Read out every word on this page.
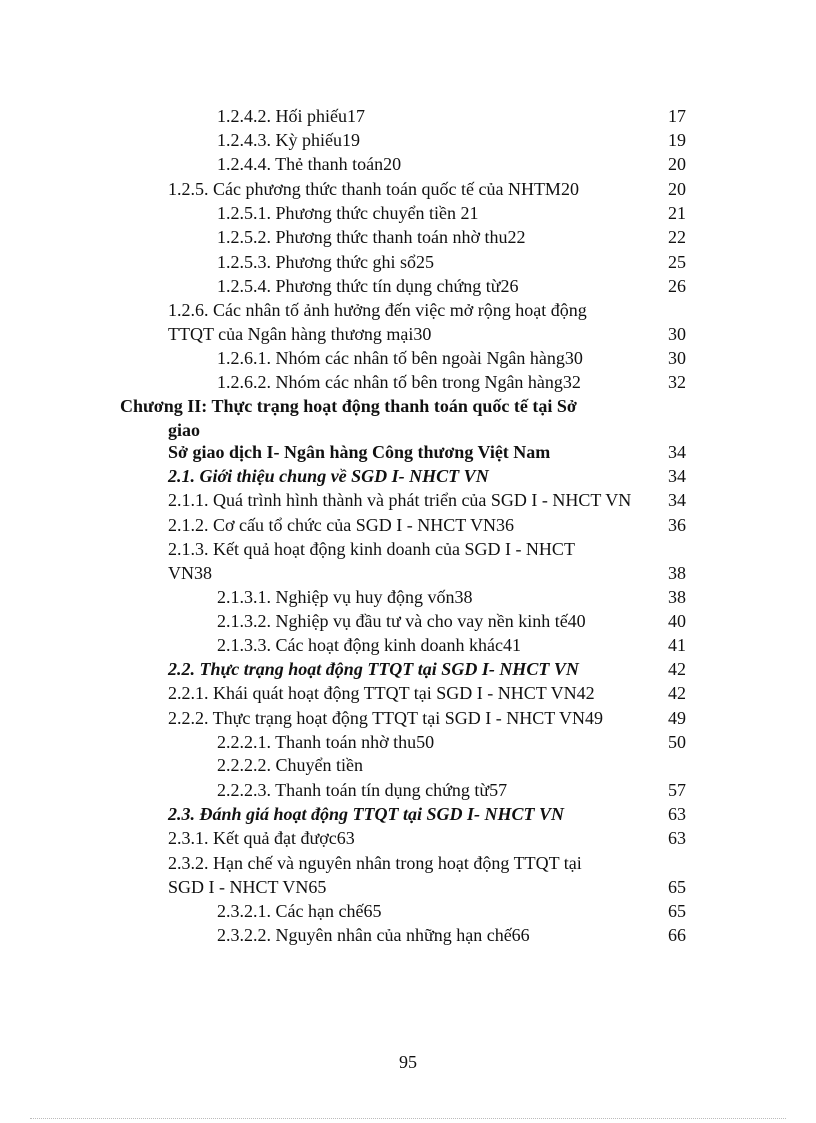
1.2.4.2. Hối phiếu17	17
1.2.4.3. Kỳ phiếu19	19
1.2.4.4. Thẻ thanh toán20	20
1.2.5. Các phương thức thanh toán quốc tế của NHTM20	20
1.2.5.1. Phương thức chuyển tiền 21	21
1.2.5.2. Phương thức thanh toán nhờ thu22	22
1.2.5.3. Phương thức ghi sổ25	25
1.2.5.4. Phương thức tín dụng chứng từ26	26
1.2.6. Các nhân tố ảnh hưởng đến việc mở rộng hoạt động
TTQT của Ngân hàng thương mại30	30
1.2.6.1. Nhóm các nhân tố bên ngoài Ngân hàng30	30
1.2.6.2. Nhóm các nhân tố bên trong Ngân hàng32	32
Chương II: Thực trạng hoạt động thanh toán quốc tế tại Sở
giao
Sở giao dịch I- Ngân hàng Công thương Việt Nam	34
2.1. Giới thiệu chung về SGD I- NHCT VN	34
2.1.1. Quá trình hình thành và phát triển của SGD I - NHCT VN	34
2.1.2. Cơ cấu tổ chức của SGD I - NHCT VN36	36
2.1.3. Kết quả hoạt động kinh doanh của SGD I - NHCT
VN38	38
2.1.3.1. Nghiệp vụ huy động vốn38	38
2.1.3.2. Nghiệp vụ đầu tư và cho vay nền kinh tế40	40
2.1.3.3. Các hoạt động kinh doanh khác41	41
2.2. Thực trạng hoạt động TTQT tại SGD I- NHCT VN	42
2.2.1. Khái quát hoạt động TTQT tại SGD I - NHCT VN42	42
2.2.2. Thực trạng hoạt động TTQT tại SGD I - NHCT VN49	49
2.2.2.1. Thanh toán nhờ thu50	50
2.2.2.2. Chuyển tiền
2.2.2.3. Thanh toán tín dụng chứng từ57	57
2.3. Đánh giá hoạt động TTQT tại SGD I- NHCT VN	63
2.3.1. Kết quả đạt được63	63
2.3.2. Hạn chế và nguyên nhân trong hoạt động TTQT tại
SGD I - NHCT VN65	65
2.3.2.1. Các hạn chế65	65
2.3.2.2. Nguyên nhân của những hạn chế66	66
95
